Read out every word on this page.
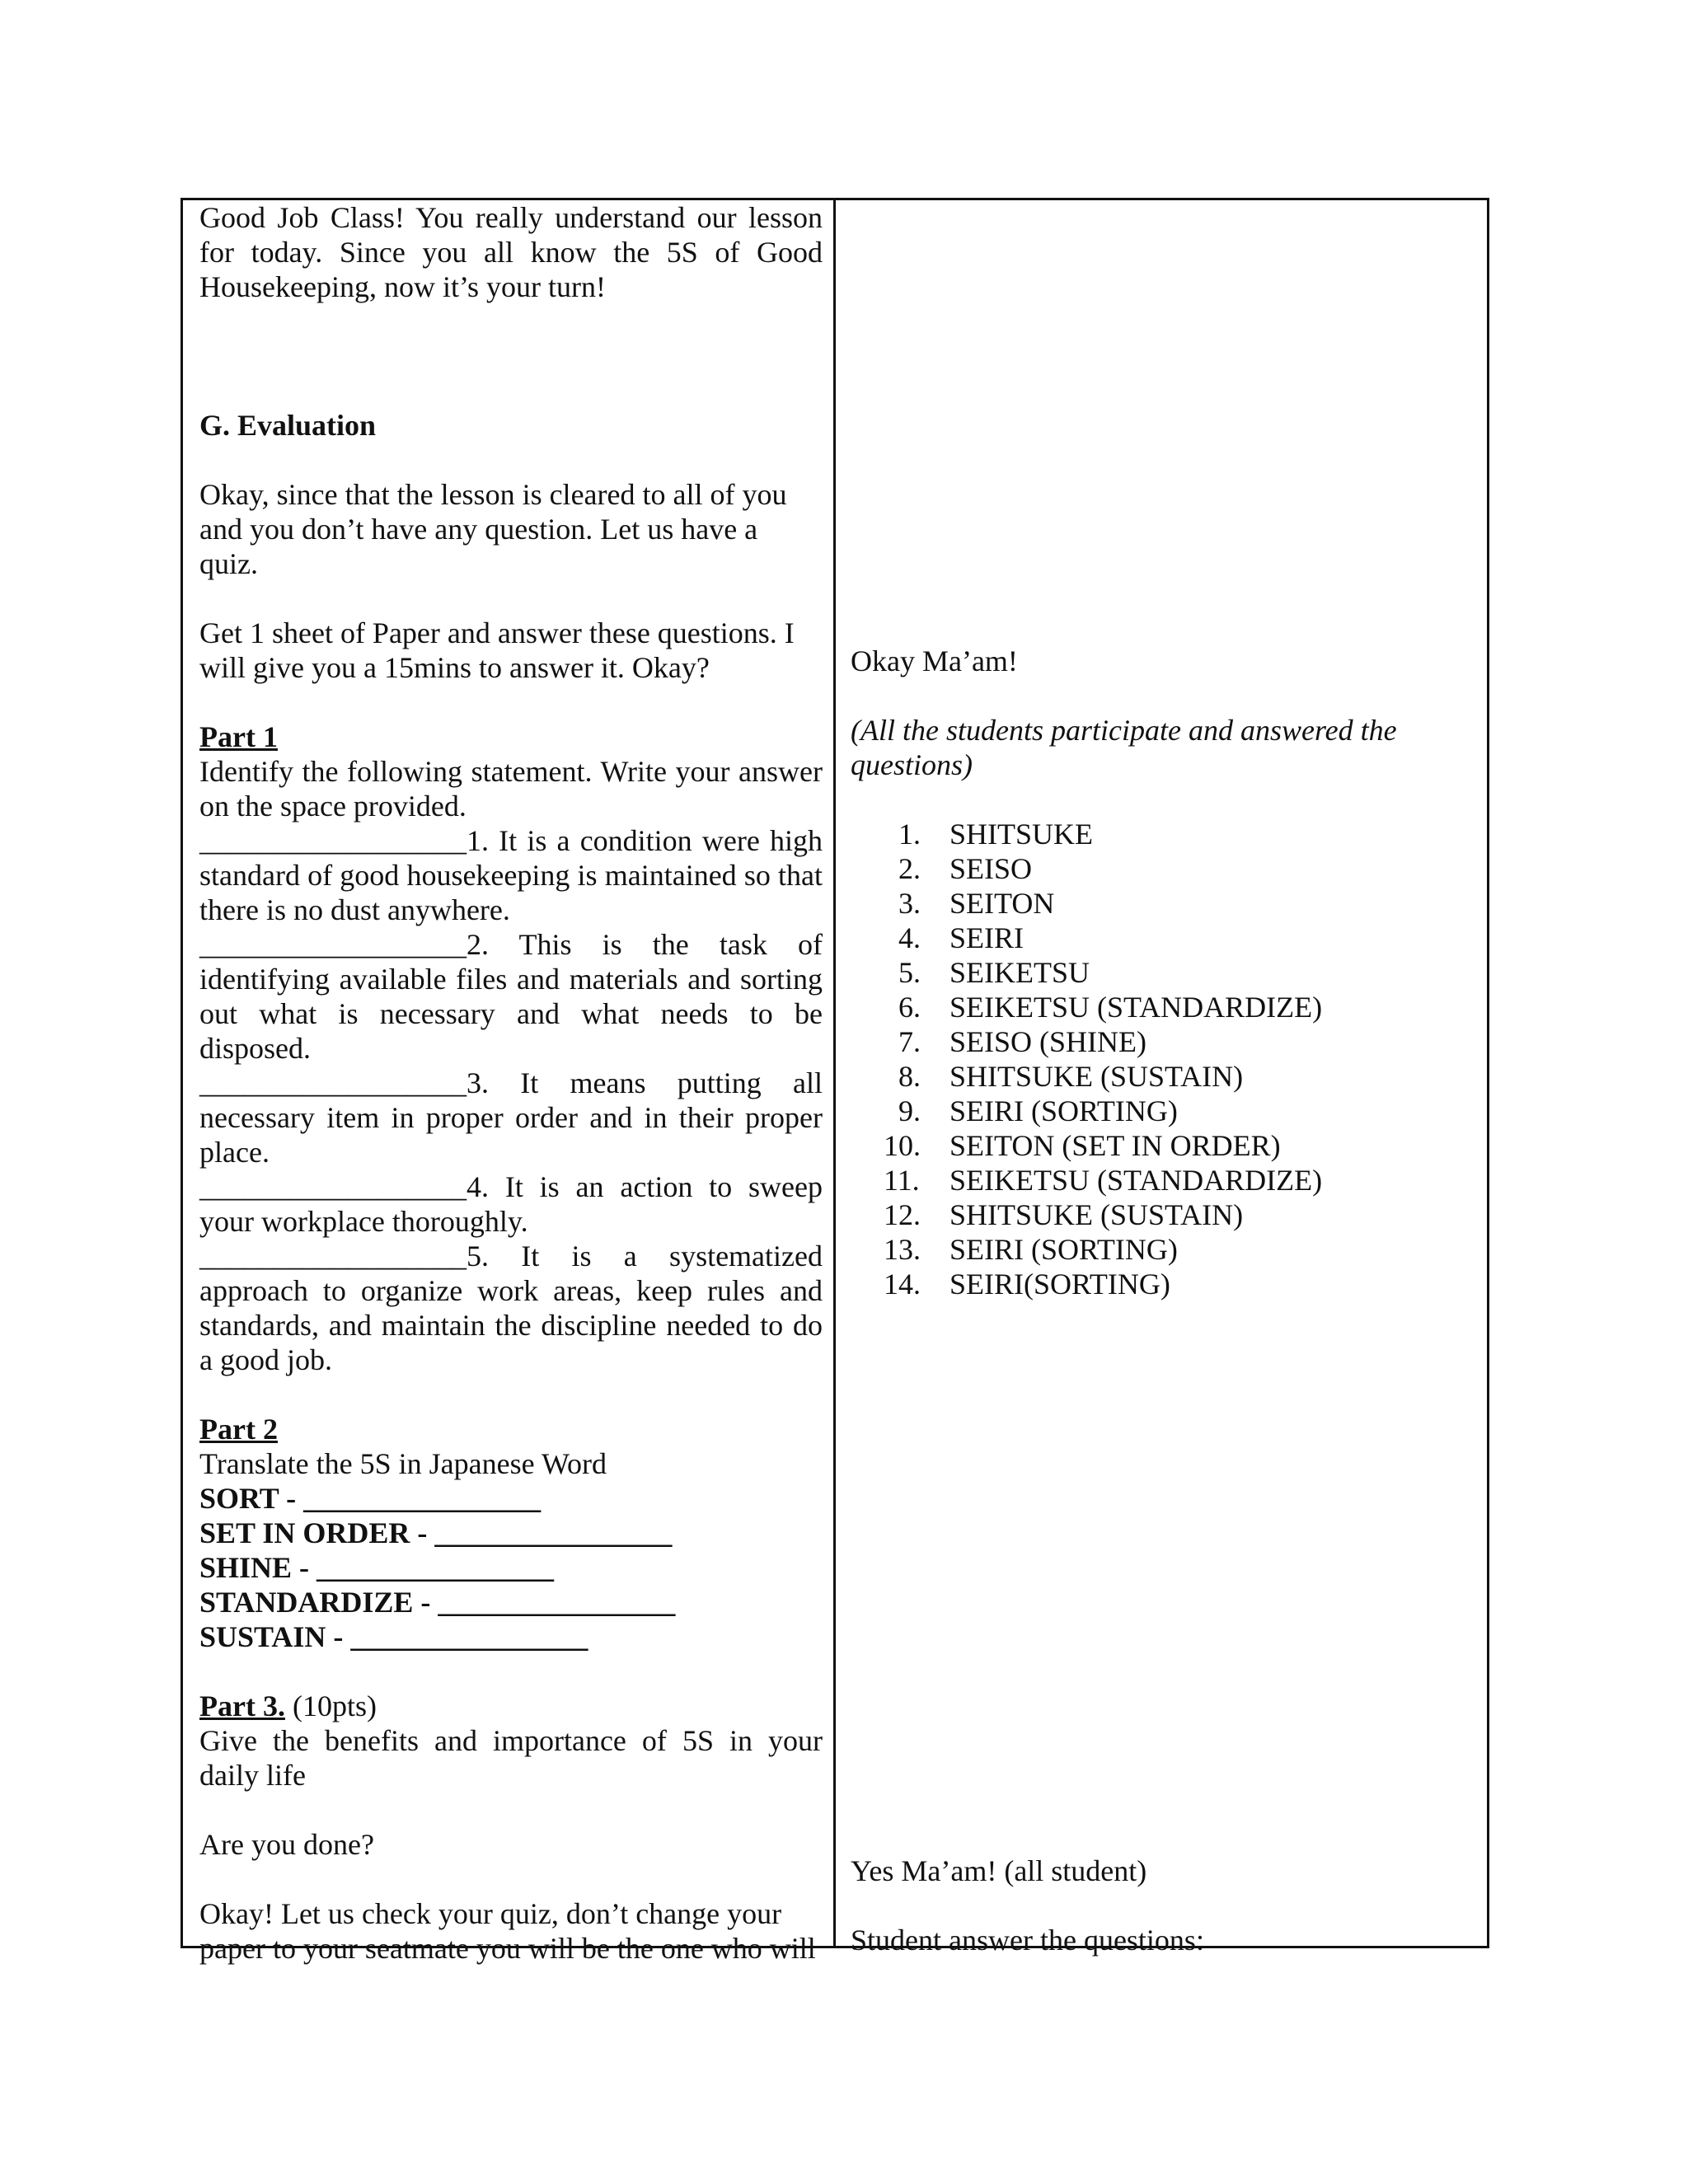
Good Job Class! You really understand our lesson for today. Since you all know the 5S of Good Housekeeping, now it’s your turn!

G. Evaluation

Okay, since that the lesson is cleared to all of you and you don’t have any question. Let us have a quiz.

Get 1 sheet of Paper and answer these questions. I will give you a 15mins to answer it. Okay?

Part 1

Identify the following statement. Write your answer on the space provided.

__________________1. It is a condition were high standard of good housekeeping is maintained so that there is no dust anywhere.

__________________2. This is the task of identifying available files and materials and sorting out what is necessary and what needs to be disposed.

__________________3. It means putting all necessary item in proper order and in their proper place.

__________________4. It is an action to sweep your workplace thoroughly.

__________________5. It is a systematized approach to organize work areas, keep rules and standards, and maintain the discipline needed to do a good job.

Part 2

Translate the 5S in Japanese Word

SORT - ________________

SET IN ORDER - ________________

SHINE - ________________

STANDARDIZE - ________________

SUSTAIN - ________________

Part 3. (10pts)

Give the benefits and importance of 5S in your daily life

Are you done?

Okay! Let us check your quiz, don’t change your paper to your seatmate you will be the one who will

Okay Ma’am!

(All the students participate and answered the questions)

1. SHITSUKE
2. SEISO
3. SEITON
4. SEIRI
5. SEIKETSU
6. SEIKETSU (STANDARDIZE)
7. SEISO (SHINE)
8. SHITSUKE (SUSTAIN)
9. SEIRI (SORTING)
10. SEITON (SET IN ORDER)
11. SEIKETSU (STANDARDIZE)
12. SHITSUKE (SUSTAIN)
13. SEIRI (SORTING)
14. SEIRI(SORTING)

Yes Ma’am! (all student)

Student answer the questions:
